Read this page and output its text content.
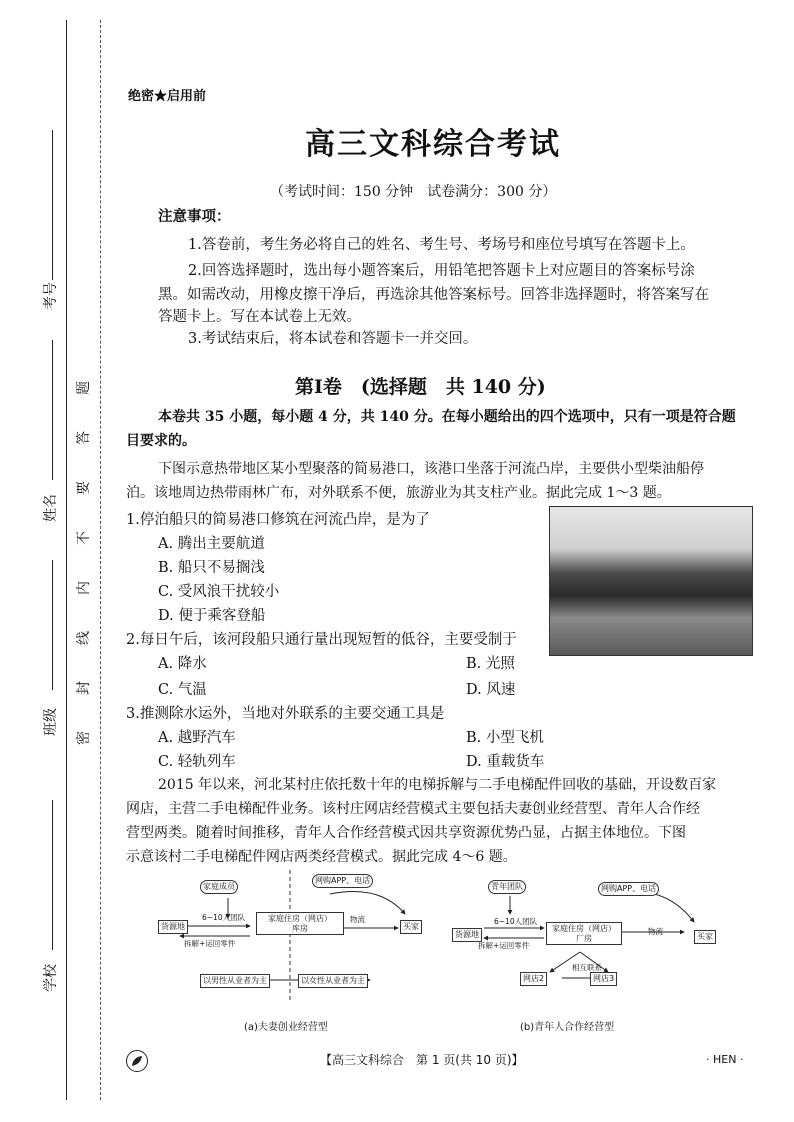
考号
姓名
班级
学校
题
答
要
不
内
线
封
密
绝密★启用前
高三文科综合考试
（考试时间：150 分钟　试卷满分：300 分）
注意事项：
1.答卷前，考生务必将自己的姓名、考生号、考场号和座位号填写在答题卡上。
2.回答选择题时，选出每小题答案后，用铅笔把答题卡上对应题目的答案标号涂
黑。如需改动，用橡皮擦干净后，再选涂其他答案标号。回答非选择题时，将答案写在
答题卡上。写在本试卷上无效。
3.考试结束后，将本试卷和答题卡一并交回。
第Ⅰ卷　(选择题　共 140 分)
本卷共 35 小题，每小题 4 分，共 140 分。在每小题给出的四个选项中，只有一项是符合题
目要求的。
下图示意热带地区某小型聚落的简易港口，该港口坐落于河流凸岸，主要供小型柴油船停
泊。该地周边热带雨林广布，对外联系不便，旅游业为其支柱产业。据此完成 1～3 题。
1.停泊船只的简易港口修筑在河流凸岸，是为了
A. 腾出主要航道
B. 船只不易搁浅
C. 受风浪干扰较小
D. 便于乘客登船
2.每日午后，该河段船只通行量出现短暂的低谷，主要受制于
A. 降水	B. 光照
C. 气温	D. 风速
3.推测除水运外，当地对外联系的主要交通工具是
A. 越野汽车	B. 小型飞机
C. 轻轨列车	D. 重载货车
2015 年以来，河北某村庄依托数十年的电梯拆解与二手电梯配件回收的基础，开设数百家
网店，主营二手电梯配件业务。该村庄网店经营模式主要包括夫妻创业经营型、青年人合作经
营型两类。随着时间推移，青年人合作经营模式因共享资源优势凸显，占据主体地位。下图
示意该村二手电梯配件网店两类经营模式。据此完成 4～6 题。
家庭成员
网购APP、电话
6~10人团队
货源地
家庭住房（网店）
库房
物流
买家
拆解+运回零件
以男性从业者为主	以女性从业者为主
(a)夫妻创业经营型
青年团队	网购APP、电话
6~10人团队
货源地
家庭住房（网店）
厂房
物流
买家
拆解+运回零件
相互联系
网店2	网店3
(b)青年人合作经营型
【高三文科综合　第 1 页(共 10 页)】	· HEN ·
